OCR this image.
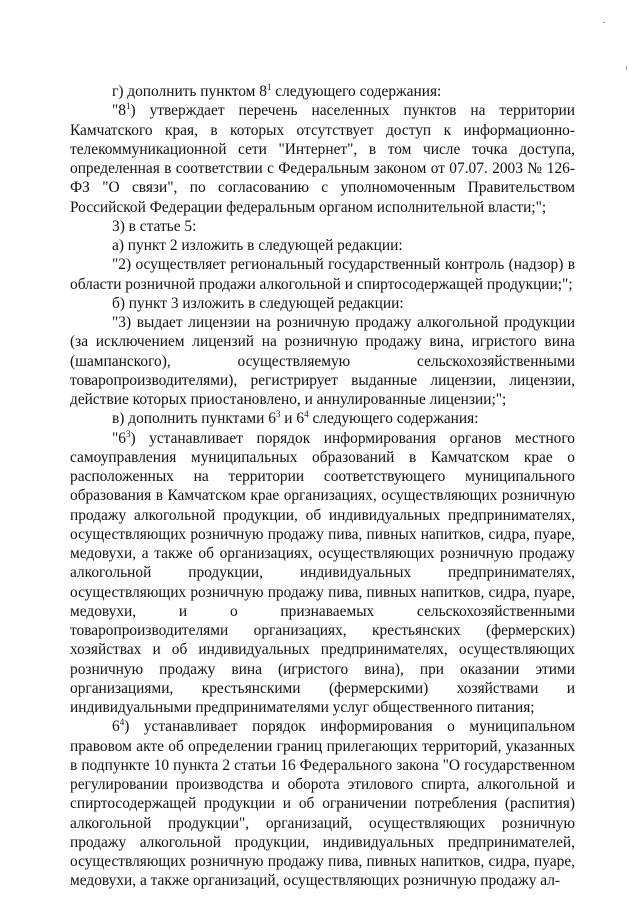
г) дополнить пунктом $8^1$ следующего содержания:

"$8^1$) утверждает перечень населенных пунктов на территории Камчатского края, в которых отсутствует доступ к информационно-телекоммуникационной сети "Интернет", в том числе точка доступа, определенная в соответствии с Федеральным законом от 07.07. 2003 № 126-ФЗ "О связи", по согласованию с уполномоченным Правительством Российской Федерации федеральным органом исполнительной власти;";

3) в статье 5:

а) пункт 2 изложить в следующей редакции:

"2) осуществляет региональный государственный контроль (надзор) в области розничной продажи алкогольной и спиртосодержащей продукции;";

б) пункт 3 изложить в следующей редакции:

"3) выдает лицензии на розничную продажу алкогольной продукции (за исключением лицензий на розничную продажу вина, игристого вина (шампанского), осуществляемую сельскохозяйственными товаропроизводителями), регистрирует выданные лицензии, лицензии, действие которых приостановлено, и аннулированные лицензии;";

в) дополнить пунктами $6^3$ и $6^4$ следующего содержания:

"$6^3$) устанавливает порядок информирования органов местного самоуправления муниципальных образований в Камчатском крае о расположенных на территории соответствующего муниципального образования в Камчатском крае организациях, осуществляющих розничную продажу алкогольной продукции, об индивидуальных предпринимателях, осуществляющих розничную продажу пива, пивных напитков, сидра, пуаре, медовухи, а также об организациях, осуществляющих розничную продажу алкогольной продукции, индивидуальных предпринимателях, осуществляющих розничную продажу пива, пивных напитков, сидра, пуаре, медовухи, и о признаваемых сельскохозяйственными товаропроизводителями организациях, крестьянских (фермерских) хозяйствах и об индивидуальных предпринимателях, осуществляющих розничную продажу вина (игристого вина), при оказании этими организациями, крестьянскими (фермерскими) хозяйствами и индивидуальными предпринимателями услуг общественного питания;

$6^4$) устанавливает порядок информирования о муниципальном правовом акте об определении границ прилегающих территорий, указанных в подпункте 10 пункта 2 статьи 16 Федерального закона "О государственном регулировании производства и оборота этилового спирта, алкогольной и спиртосодержащей продукции и об ограничении потребления (распития) алкогольной продукции", организаций, осуществляющих розничную продажу алкогольной продукции, индивидуальных предпринимателей, осуществляющих розничную продажу пива, пивных напитков, сидра, пуаре, медовухи, а также организаций, осуществляющих розничную продажу ал-
